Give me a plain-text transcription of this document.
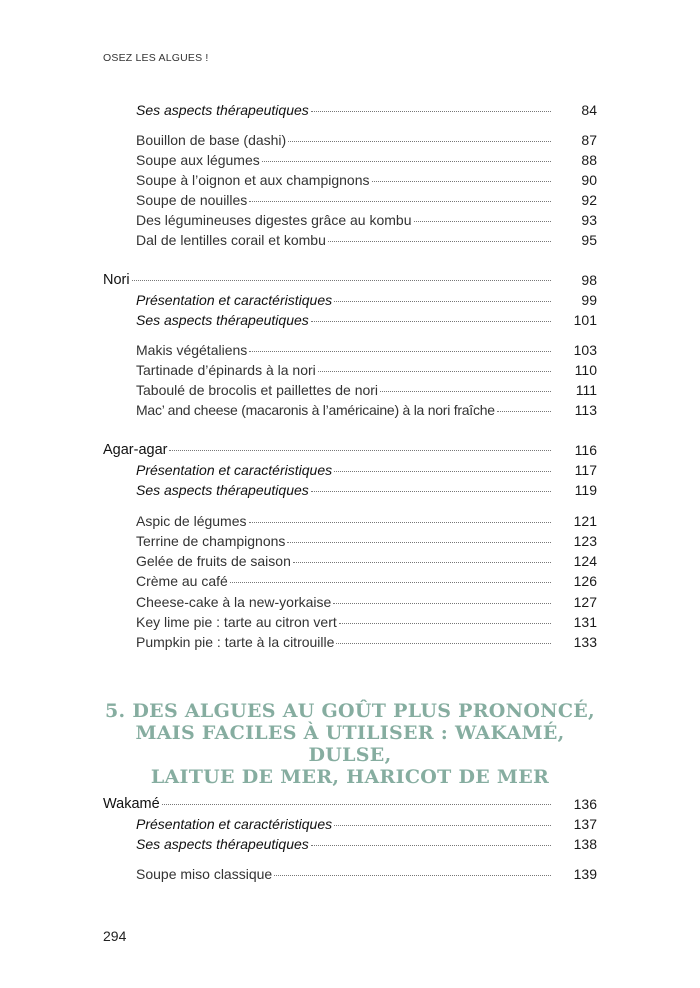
OSEZ LES ALGUES !
Ses aspects thérapeutiques	84
Bouillon de base (dashi)	87
Soupe aux légumes	88
Soupe à l’oignon et aux champignons	90
Soupe de nouilles	92
Des légumineuses digestes grâce au kombu	93
Dal de lentilles corail et kombu	95
Nori	98
Présentation et caractéristiques	99
Ses aspects thérapeutiques	101
Makis végétaliens	103
Tartinade d’épinards à la nori	110
Taboulé de brocolis et paillettes de nori	111
Mac’ and cheese (macaronis à l’américaine) à la nori fraîche	113
Agar-agar	116
Présentation et caractéristiques	117
Ses aspects thérapeutiques	119
Aspic de légumes	121
Terrine de champignons	123
Gelée de fruits de saison	124
Crème au café	126
Cheese-cake à la new-yorkaise	127
Key lime pie : tarte au citron vert	131
Pumpkin pie : tarte à la citrouille	133
5. DES ALGUES AU GOÛT PLUS PRONONCÉ,
MAIS FACILES À UTILISER : WAKAMÉ, DULSE,
LAITUE DE MER, HARICOT DE MER
Wakamé	136
Présentation et caractéristiques	137
Ses aspects thérapeutiques	138
Soupe miso classique	139
294
